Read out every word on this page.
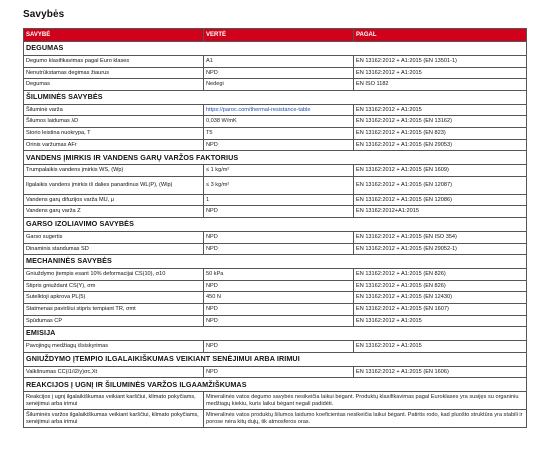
Savybės
SAVYBĖ	VERTĖ	PAGAL
DEGUMAS		
Degumo klasifikavimas pagal Euro klases	A1	EN 13162:2012 + A1:2015 (EN 13501-1)
Nenutrūkstamas degimas žiaurus	NPD	EN 13162:2012 + A1:2015
Degumas	Nedegi	EN ISO 1182
ŠILUMINĖS SAVYBĖS		
Šiluminė varža	https://paroc.com/thermal-resistance-table	EN 13162:2012 + A1:2015
Šilumos laidumas λD	0,038 W/mK	EN 13162:2012 + A1:2015 (EN 13162)
Storio leistina nuokrypa, T	T5	EN 13162:2012 + A1:2015 (EN 823)
Orinis varžumas AFr	NPD	EN 13162:2012 + A1:2015 (EN 29053)
VANDENS ĮMIRKIS IR VANDENS GARŲ VARŽOS FAKTORIUS		
Trumpalaikis vandens įmirkis WS, (Wp)	≤ 1 kg/m²	EN 13162:2012 + A1:2015 (EN 1609)
Ilgalaikis vandens įmirkis iš dalies panardinus WL(P), (Wlp)	≤ 3 kg/m²	EN 13162:2012 + A1:2015 (EN 12087)
Vandens garų difuzijos varža MU, μ	1	EN 13162:2012 + A1:2015 (EN 12086)
Vandens garų varža Z	NPD	EN 13162:2012+A1:2015
GARSO IZOLIAVIMO SAVYBĖS		
Garso sugertis	NPD	EN 13162:2012 + A1:2015 (EN ISO 354)
Dinaminis standumas SD	NPD	EN 13162:2012 + A1:2015 (EN 29052-1)
MECHANINĖS SAVYBĖS		
Gniuždymo įtempis esant 10% deformacijai CS(10), σ10	50 kPa	EN 13162:2012 + A1:2015 (EN 826)
Stipris gniuždant CS(Y), σm	NPD	EN 13162:2012 + A1:2015 (EN 826)
Sutelktoji apkrova PL(5)	450 N	EN 13162:2012 + A1:2015 (EN 12430)
Statmenas paviršiui stipris tempiant TR, σmt	NPD	EN 13162:2012 + A1:2015 (EN 1607)
Spūdumas CP	NPD	EN 13162:2012 + A1:2015
EMISIJA		
Pavojingų medžiagų išsiskyrimas	NPD	EN 13162:2012 + A1:2015
GNIUŽDYMO ĮTEMPIO ILGALAIKIŠKUMAS VEIKIANT SENĖJIMUI ARBA IRIMUI		
Valkšnumas CC(i1/i2/y)σc,Xt	NPD	EN 13162:2012 + A1:2015 (EN 1606)
REAKCIJOS Į UGNĮ IR ŠILUMINĖS VARŽOS ILGAAMŽIŠKUMAS		
Reakcijos į ugnį ilgalaikiškumas veikiant karščiui, klimato pokyčiams, senėjimui arba irimui	Mineralinės vatos degumo savybės nesikeičia laikui bėgant. Produktų klasifikavimas pagal Euroklases yra susijęs su organiniu medžiagų kiekiu, kuris laikui bėgant negali padidėti.	
Šiluminės varžos ilgalaikiškumas veikiant karščiui, klimato pokyčiams, senėjimui arba irimui	Mineralinės vatos produktų šilumos laidumo koeficientas nesikeičia laikui bėgant. Patirtis rodo, kad pluošto struktūra yra stabili ir porose nėra kitų dujų, tik atmosferos oras.	
